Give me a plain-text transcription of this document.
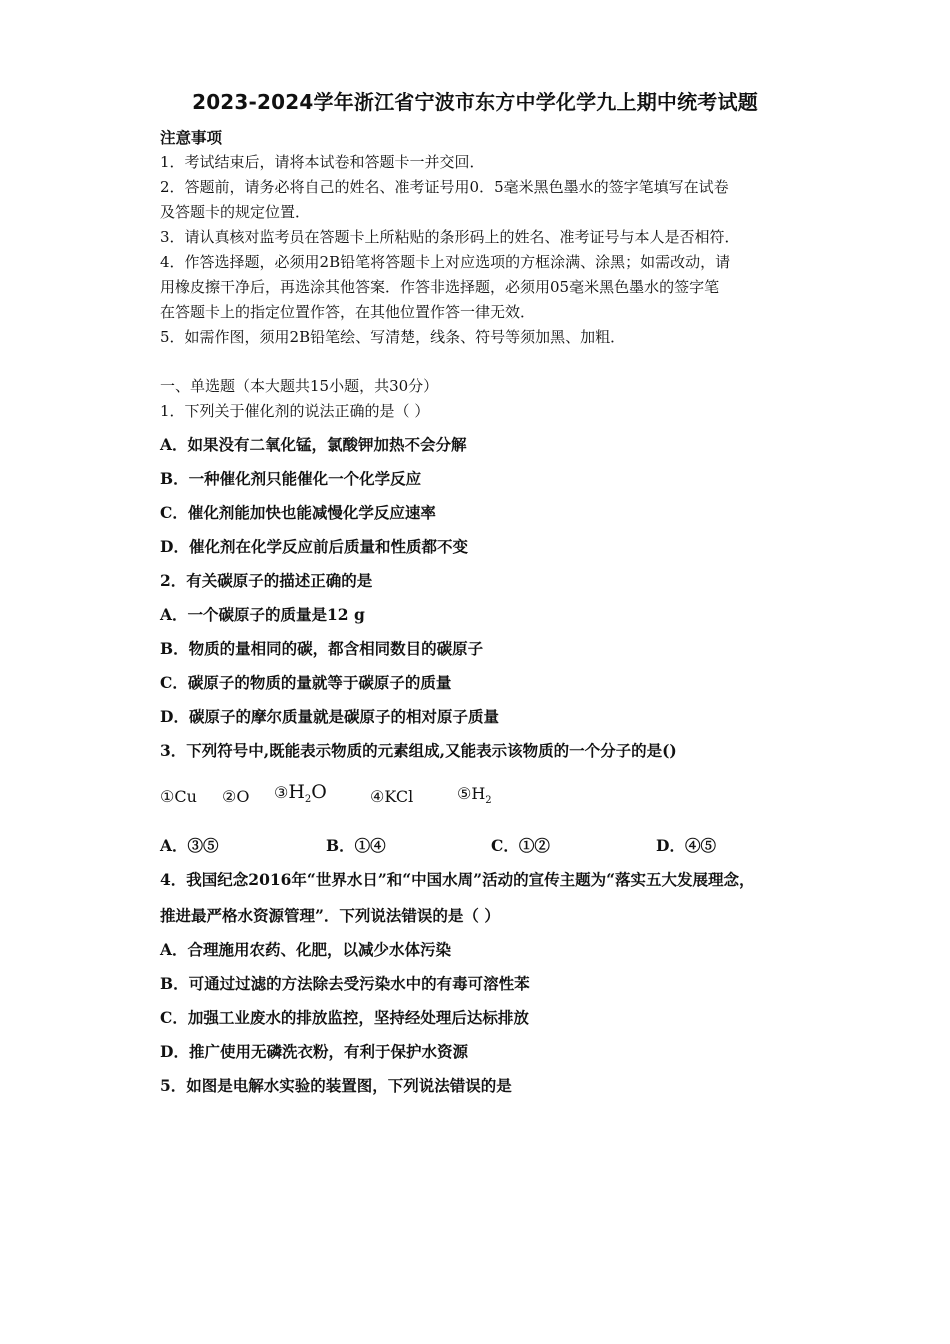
2023-2024学年浙江省宁波市东方中学化学九上期中统考试题
注意事项
1．考试结束后，请将本试卷和答题卡一并交回．
2．答题前，请务必将自己的姓名、准考证号用0．5毫米黑色墨水的签字笔填写在试卷
及答题卡的规定位置．
3．请认真核对监考员在答题卡上所粘贴的条形码上的姓名、准考证号与本人是否相符．
4．作答选择题，必须用2B铅笔将答题卡上对应选项的方框涂满、涂黑；如需改动，请
用橡皮擦干净后，再选涂其他答案．作答非选择题，必须用05毫米黑色墨水的签字笔
在答题卡上的指定位置作答，在其他位置作答一律无效．
5．如需作图，须用2B铅笔绘、写清楚，线条、符号等须加黑、加粗．
一、单选题（本大题共15小题，共30分）
1．下列关于催化剂的说法正确的是（ ）
A．如果没有二氧化锰，氯酸钾加热不会分解
B．一种催化剂只能催化一个化学反应
C．催化剂能加快也能减慢化学反应速率
D．催化剂在化学反应前后质量和性质都不变
2．有关碳原子的描述正确的是
A．一个碳原子的质量是12 g
B．物质的量相同的碳，都含相同数目的碳原子
C．碳原子的物质的量就等于碳原子的质量
D．碳原子的摩尔质量就是碳原子的相对原子质量
3．下列符号中,既能表示物质的元素组成,又能表示该物质的一个分子的是()
①Cu ②O $③H_2O$	④KCl	$⑤H_2$
A．③⑤	B．①④	C．①②	D．④⑤
4．我国纪念2016年“世界水日”和“中国水周”活动的宣传主题为“落实五大发展理念，
推进最严格水资源管理”．下列说法错误的是（ ）
A．合理施用农药、化肥，以减少水体污染
B．可通过过滤的方法除去受污染水中的有毒可溶性苯
C．加强工业废水的排放监控，坚持经处理后达标排放
D．推广使用无磷洗衣粉，有利于保护水资源
5．如图是电解水实验的装置图，下列说法错误的是
